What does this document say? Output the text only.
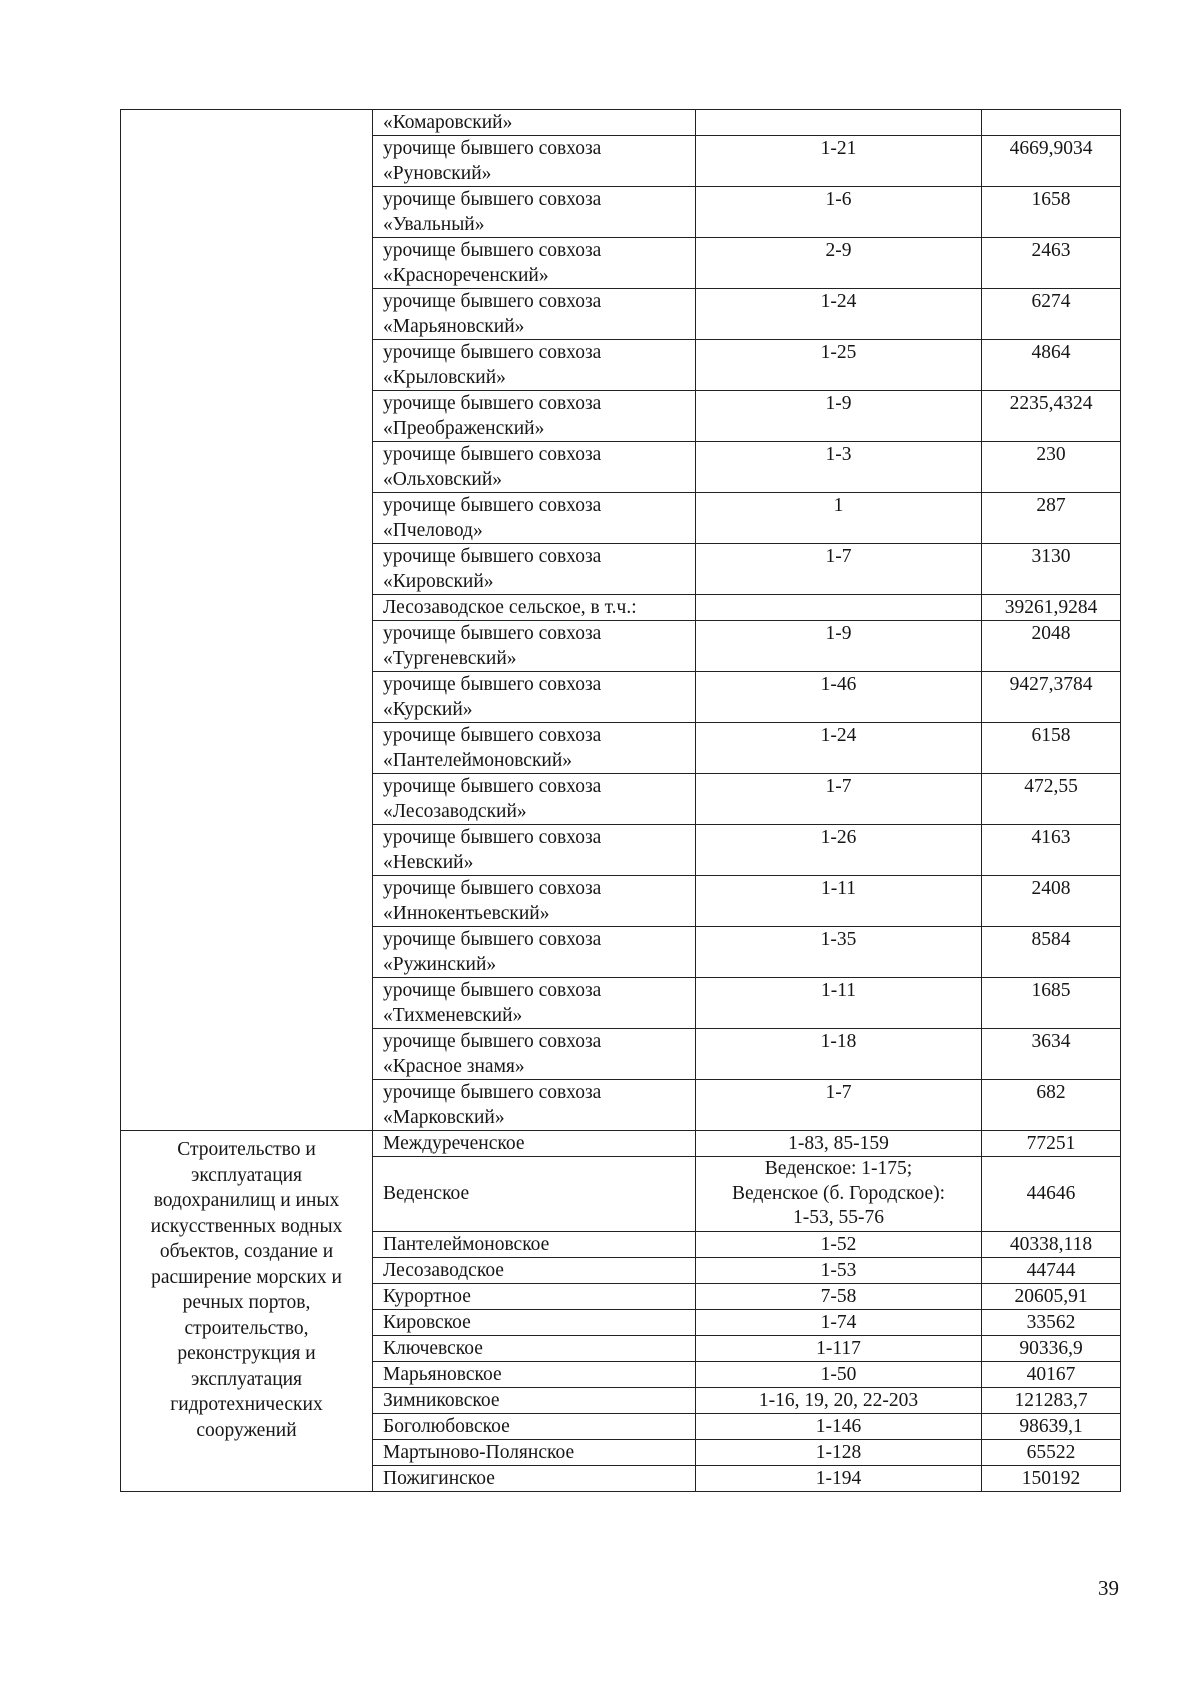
	«Комаровский»		
	урочище бывшего совхоза
«Руновский»	1-21	4669,9034
	урочище бывшего совхоза
«Увальный»	1-6	1658
	урочище бывшего совхоза
«Краснореченский»	2-9	2463
	урочище бывшего совхоза
«Марьяновский»	1-24	6274
	урочище бывшего совхоза
«Крыловский»	1-25	4864
	урочище бывшего совхоза
«Преображенский»	1-9	2235,4324
	урочище бывшего совхоза
«Ольховский»	1-3	230
	урочище бывшего совхоза
«Пчеловод»	1	287
	урочище бывшего совхоза
«Кировский»	1-7	3130
	Лесозаводское сельское, в т.ч.:		39261,9284
	урочище бывшего совхоза
«Тургеневский»	1-9	2048
	урочище бывшего совхоза
«Курский»	1-46	9427,3784
	урочище бывшего совхоза
«Пантелеймоновский»	1-24	6158
	урочище бывшего совхоза
«Лесозаводский»	1-7	472,55
	урочище бывшего совхоза
«Невский»	1-26	4163
	урочище бывшего совхоза
«Иннокентьевский»	1-11	2408
	урочище бывшего совхоза
«Ружинский»	1-35	8584
	урочище бывшего совхоза
«Тихменевский»	1-11	1685
	урочище бывшего совхоза
«Красное знамя»	1-18	3634
	урочище бывшего совхоза
«Марковский»	1-7	682
Строительство и эксплуатация водохранилищ и иных искусственных водных объектов, создание и расширение морских и речных портов, строительство, реконструкция и эксплуатация гидротехнических сооружений	Междуреченское	1-83, 85-159	77251
	Веденское	Веденское: 1-175;
Веденское (б. Городское):
1-53, 55-76	44646
	Пантелеймоновское	1-52	40338,118
	Лесозаводское	1-53	44744
	Курортное	7-58	20605,91
	Кировское	1-74	33562
	Ключевское	1-117	90336,9
	Марьяновское	1-50	40167
	Зимниковское	1-16, 19, 20, 22-203	121283,7
	Боголюбовское	1-146	98639,1
	Мартыново-Полянское	1-128	65522
	Пожигинское	1-194	150192
39
